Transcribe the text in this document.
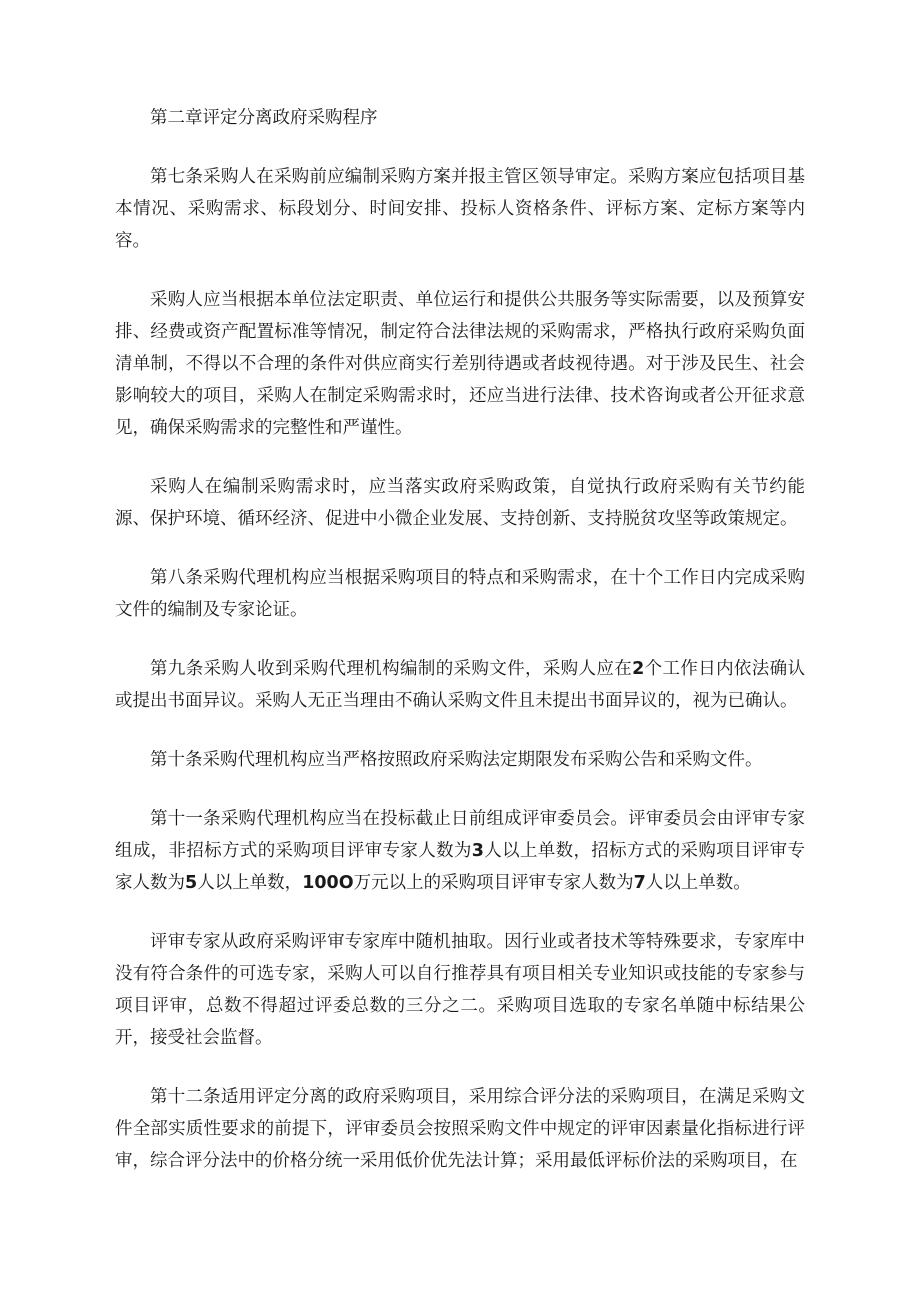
第二章评定分离政府采购程序

第七条采购人在采购前应编制采购方案并报主管区领导审定。采购方案应包括项目基本情况、采购需求、标段划分、时间安排、投标人资格条件、评标方案、定标方案等内容。

采购人应当根据本单位法定职责、单位运行和提供公共服务等实际需要，以及预算安排、经费或资产配置标准等情况，制定符合法律法规的采购需求，严格执行政府采购负面清单制，不得以不合理的条件对供应商实行差别待遇或者歧视待遇。对于涉及民生、社会影响较大的项目，采购人在制定采购需求时，还应当进行法律、技术咨询或者公开征求意见，确保采购需求的完整性和严谨性。

采购人在编制采购需求时，应当落实政府采购政策，自觉执行政府采购有关节约能源、保护环境、循环经济、促进中小微企业发展、支持创新、支持脱贫攻坚等政策规定。

第八条采购代理机构应当根据采购项目的特点和采购需求，在十个工作日内完成采购文件的编制及专家论证。

第九条采购人收到采购代理机构编制的采购文件，采购人应在2个工作日内依法确认或提出书面异议。采购人无正当理由不确认采购文件且未提出书面异议的，视为已确认。

第十条采购代理机构应当严格按照政府采购法定期限发布采购公告和采购文件。

第十一条采购代理机构应当在投标截止日前组成评审委员会。评审委员会由评审专家组成，非招标方式的采购项目评审专家人数为3人以上单数，招标方式的采购项目评审专家人数为5人以上单数，100O万元以上的采购项目评审专家人数为7人以上单数。

评审专家从政府采购评审专家库中随机抽取。因行业或者技术等特殊要求，专家库中没有符合条件的可选专家，采购人可以自行推荐具有项目相关专业知识或技能的专家参与项目评审，总数不得超过评委总数的三分之二。采购项目选取的专家名单随中标结果公开，接受社会监督。

第十二条适用评定分离的政府采购项目，采用综合评分法的采购项目，在满足采购文件全部实质性要求的前提下，评审委员会按照采购文件中规定的评审因素量化指标进行评审，综合评分法中的价格分统一采用低价优先法计算；采用最低评标价法的采购项目，在
